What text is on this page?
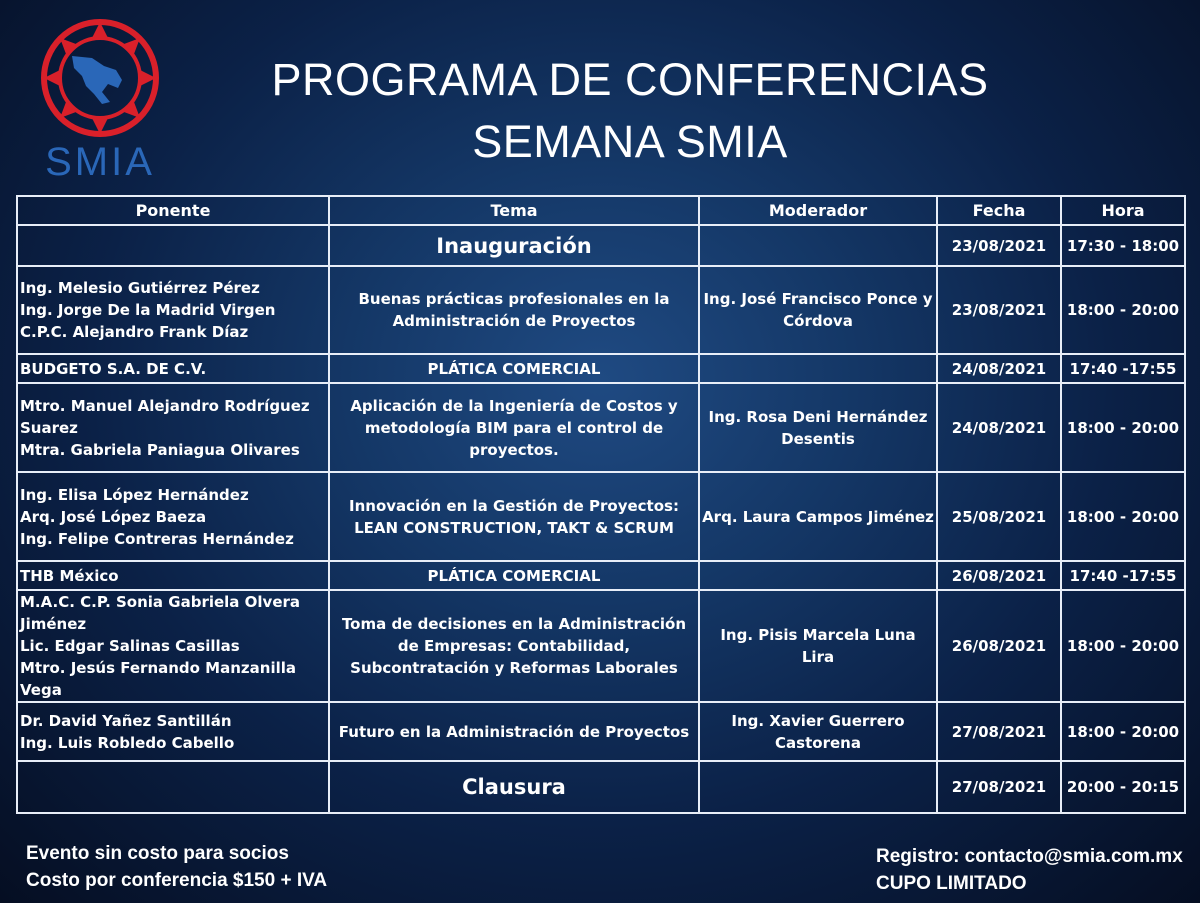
SMIA
PROGRAMA DE CONFERENCIAS
SEMANA SMIA
Ponente	Tema	Moderador	Fecha	Hora
	Inauguración		23/08/2021	17:30 - 18:00

Ing. Melesio Gutiérrez Pérez
Ing. Jorge De la Madrid Virgen
C.P.C. Alejandro Frank Díaz	Buenas prácticas profesionales en la Administración de Proyectos	Ing. José Francisco Ponce y Córdova	23/08/2021	18:00 - 20:00

BUDGETO S.A. DE C.V.	PLÁTICA COMERCIAL		24/08/2021	17:40 -17:55

Mtro. Manuel Alejandro Rodríguez Suarez
Mtra. Gabriela Paniagua Olivares	Aplicación de la Ingeniería de Costos y metodología BIM para el control de proyectos.	Ing. Rosa Deni Hernández Desentis	24/08/2021	18:00 - 20:00

Ing. Elisa López Hernández
Arq. José López Baeza
Ing. Felipe Contreras Hernández	Innovación en la Gestión de Proyectos: LEAN CONSTRUCTION, TAKT & SCRUM	Arq. Laura Campos Jiménez	25/08/2021	18:00 - 20:00

THB México	PLÁTICA COMERCIAL		26/08/2021	17:40 -17:55

M.A.C. C.P. Sonia Gabriela Olvera Jiménez
Lic. Edgar Salinas Casillas
Mtro. Jesús Fernando Manzanilla Vega	Toma de decisiones en la Administración de Empresas: Contabilidad, Subcontratación y Reformas Laborales	Ing. Pisis Marcela Luna Lira	26/08/2021	18:00 - 20:00

Dr. David Yañez Santillán
Ing. Luis Robledo Cabello	Futuro en la Administración de Proyectos	Ing. Xavier Guerrero Castorena	27/08/2021	18:00 - 20:00
	Clausura		27/08/2021	20:00 - 20:15
Evento sin costo para socios
Costo por conferencia $150 + IVA
Registro: contacto@smia.com.mx
CUPO LIMITADO
